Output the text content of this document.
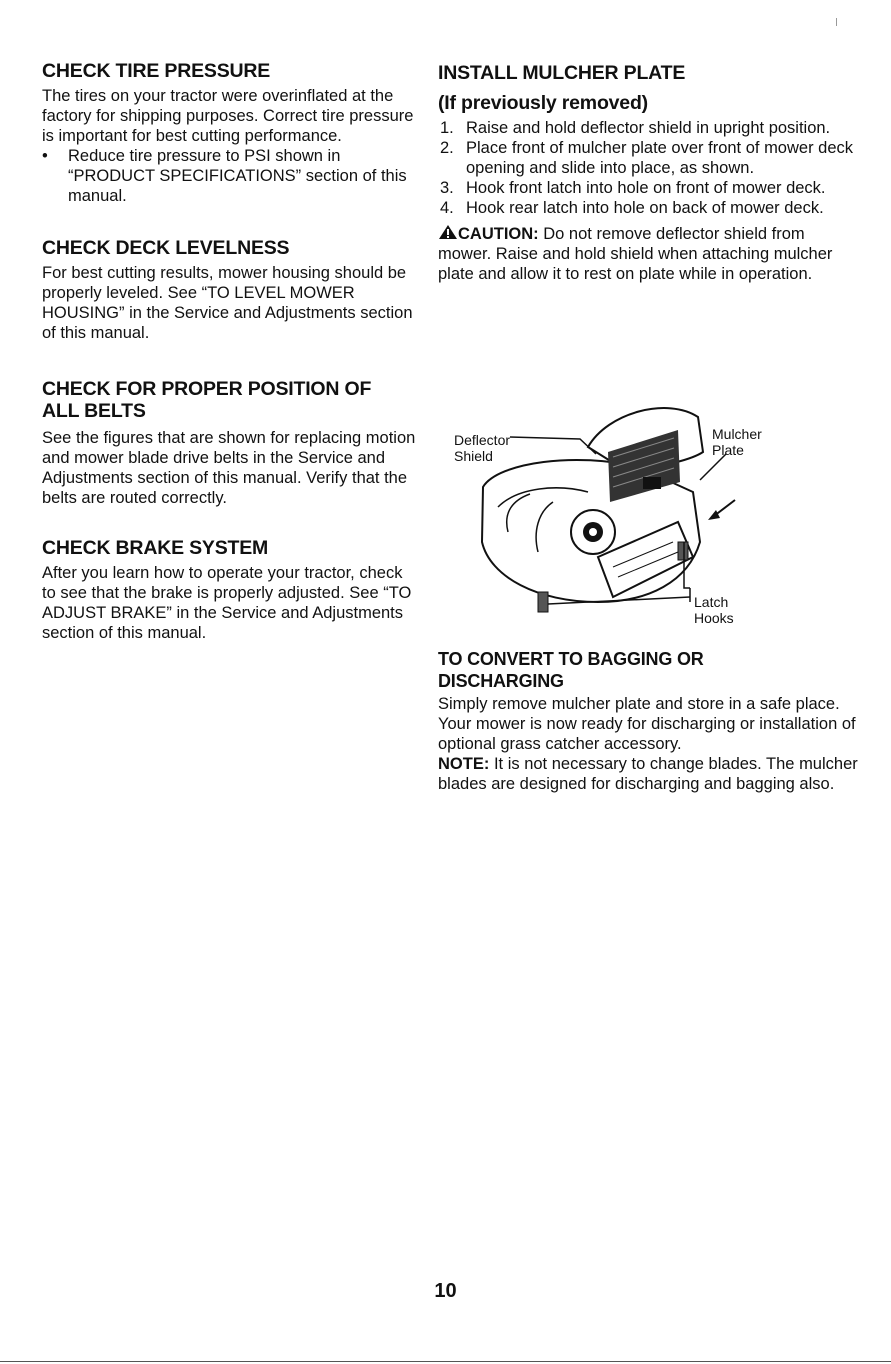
CHECK TIRE PRESSURE

The tires on your tractor were overinflated at the factory for shipping purposes. Correct tire pressure is important for best cutting performance.

• Reduce tire pressure to PSI shown in “PRODUCT SPECIFICATIONS” section of this manual.
CHECK DECK LEVELNESS

For best cutting results, mower housing should be properly leveled. See “TO LEVEL MOWER HOUSING” in the Service and Adjustments section of this manual.

CHECK FOR PROPER POSITION OF ALL BELTS

See the figures that are shown for replacing motion and mower blade drive belts in the Service and Adjustments section of this manual. Verify that the belts are routed correctly.

CHECK BRAKE SYSTEM

After you learn how to operate your tractor, check to see that the brake is properly adjusted. See “TO ADJUST BRAKE” in the Service and Adjustments section of this manual.

INSTALL MULCHER PLATE
(If previously removed)
1. Raise and hold deflector shield in upright position.
2. Place front of mulcher plate over front of mower deck opening and slide into place, as shown.
3. Hook front latch into hole on front of mower deck.
4. Hook rear latch into hole on back of mower deck.

CAUTION: Do not remove deflector shield from mower. Raise and hold shield when attaching mulcher plate and allow it to rest on plate while in operation.

TO CONVERT TO BAGGING OR DISCHARGING

Simply remove mulcher plate and store in a safe place. Your mower is now ready for discharging or installation of optional grass catcher accessory.

NOTE: It is not necessary to change blades. The mulcher blades are designed for discharging and bagging also.

Deflector
Shield
Mulcher
Plate
Latch
Hooks
10
